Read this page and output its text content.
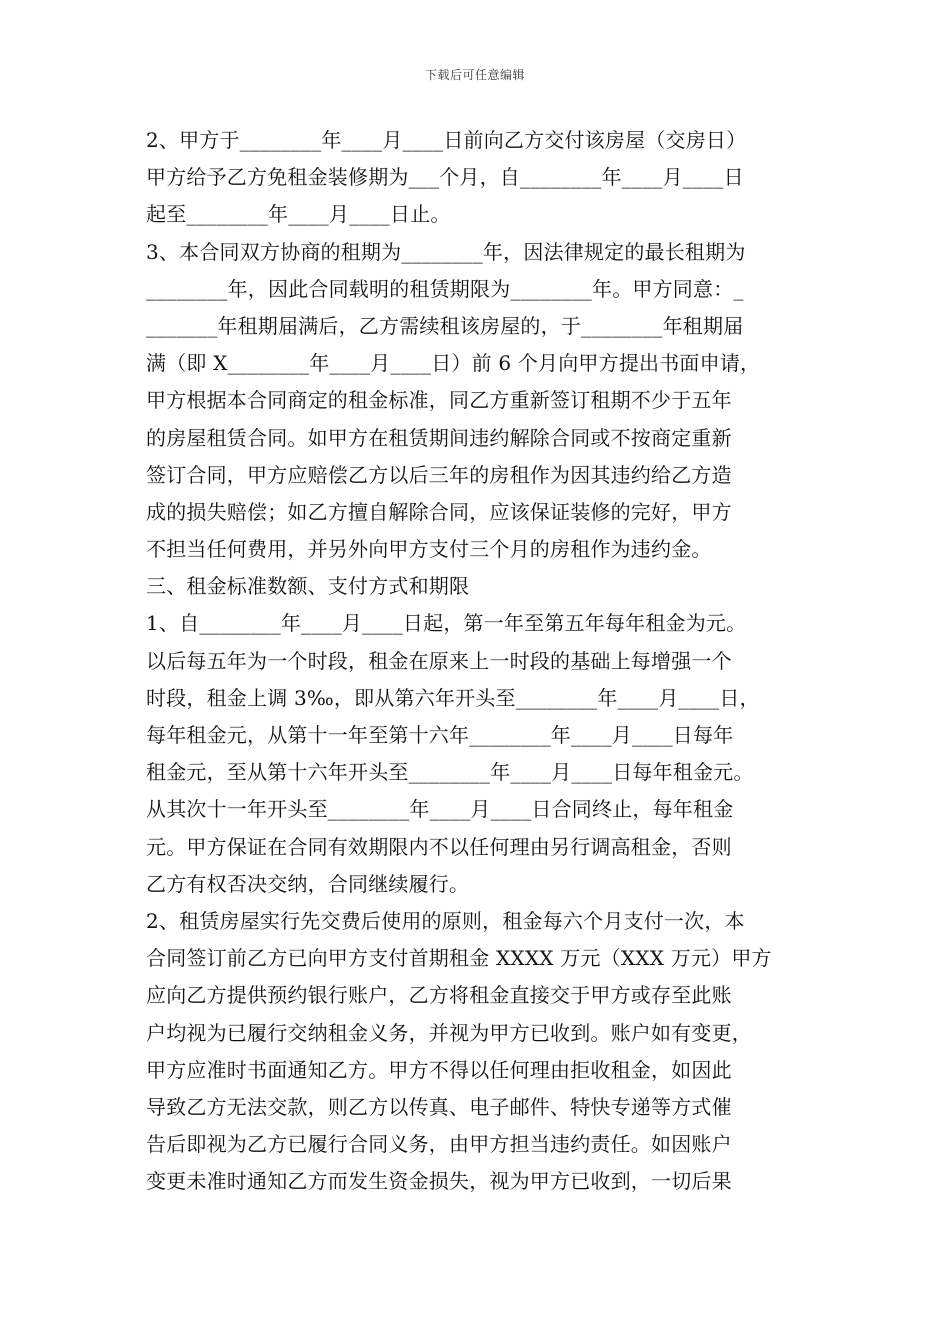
下载后可任意编辑
2、甲方于________年____月____日前向乙方交付该房屋（交房日）
甲方给予乙方免租金装修期为___个月，自________年____月____日
起至________年____月____日止。
3、本合同双方协商的租期为________年，因法律规定的最长租期为
________年，因此合同载明的租赁期限为________年。甲方同意：_
_______年租期届满后，乙方需续租该房屋的，于________年租期届
满（即 X________年____月____日）前 6 个月向甲方提出书面申请，
甲方根据本合同商定的租金标准，同乙方重新签订租期不少于五年
的房屋租赁合同。如甲方在租赁期间违约解除合同或不按商定重新
签订合同，甲方应赔偿乙方以后三年的房租作为因其违约给乙方造
成的损失赔偿；如乙方擅自解除合同，应该保证装修的完好，甲方
不担当任何费用，并另外向甲方支付三个月的房租作为违约金。
三、租金标准数额、支付方式和期限
1、自________年____月____日起，第一年至第五年每年租金为元。
以后每五年为一个时段，租金在原来上一时段的基础上每增强一个
时段，租金上调 3‰，即从第六年开头至________年____月____日，
每年租金元，从第十一年至第十六年________年____月____日每年
租金元，至从第十六年开头至________年____月____日每年租金元。
从其次十一年开头至________年____月____日合同终止，每年租金
元。甲方保证在合同有效期限内不以任何理由另行调高租金，否则
乙方有权否决交纳，合同继续履行。
2、租赁房屋实行先交费后使用的原则，租金每六个月支付一次，本
合同签订前乙方已向甲方支付首期租金 XXXX 万元（XXX 万元）甲方
应向乙方提供预约银行账户，乙方将租金直接交于甲方或存至此账
户均视为已履行交纳租金义务，并视为甲方已收到。账户如有变更，
甲方应准时书面通知乙方。甲方不得以任何理由拒收租金，如因此
导致乙方无法交款，则乙方以传真、电子邮件、特快专递等方式催
告后即视为乙方已履行合同义务，由甲方担当违约责任。如因账户
变更未准时通知乙方而发生资金损失，视为甲方已收到，一切后果
